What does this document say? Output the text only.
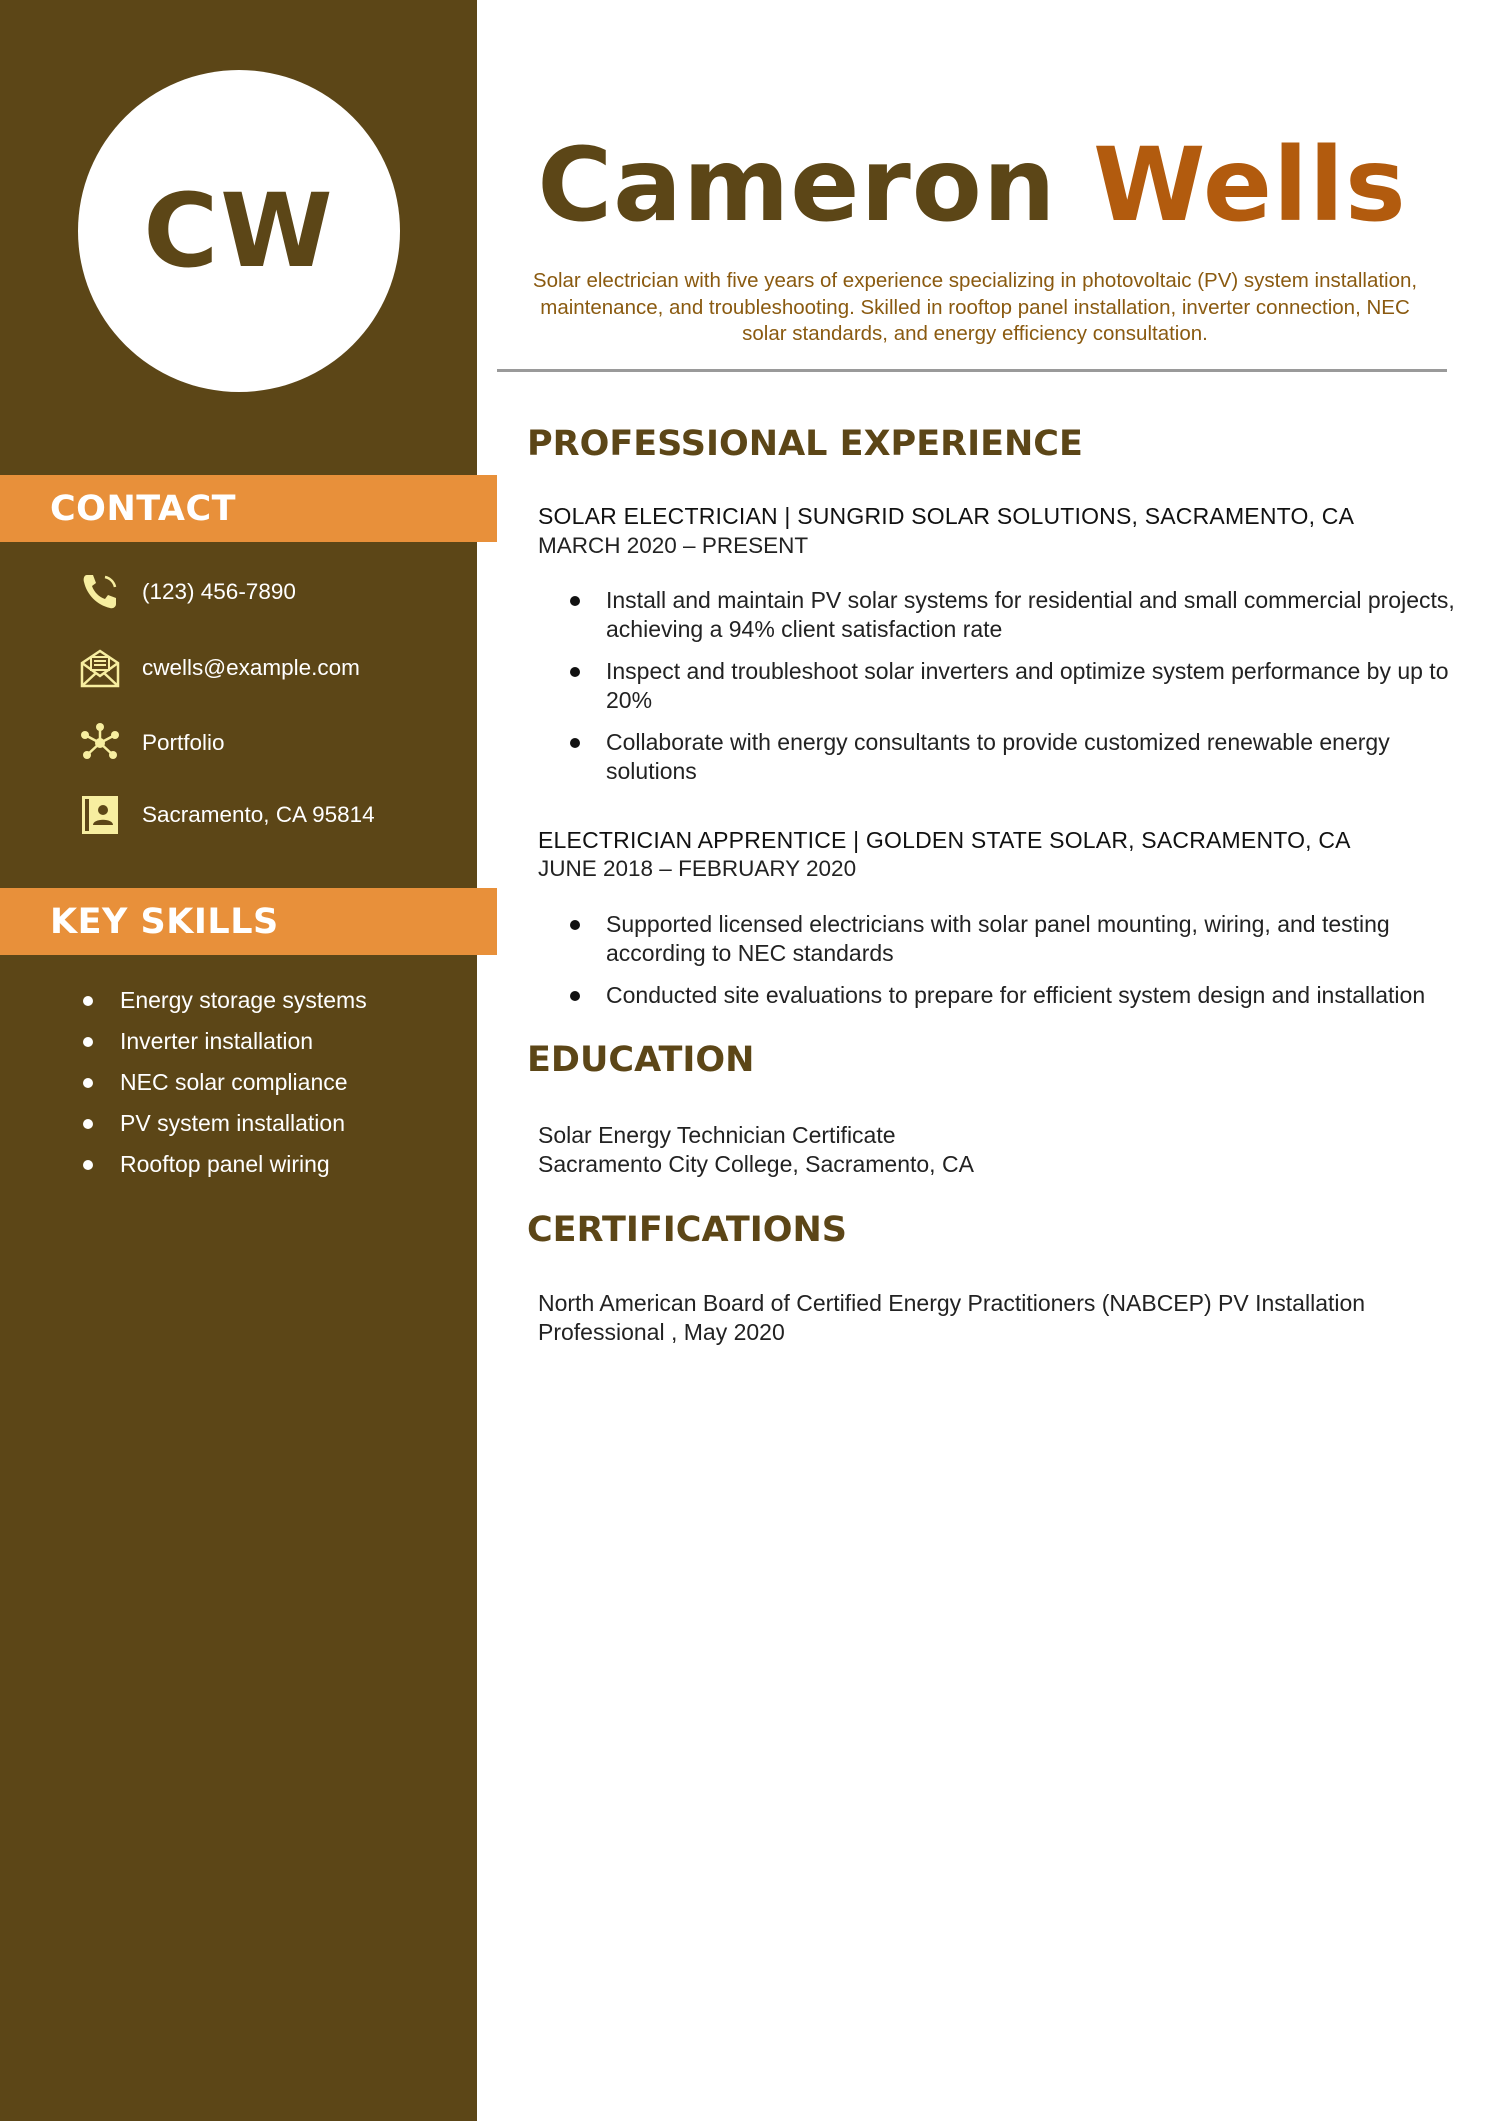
CW
CONTACT
(123) 456-7890
cwells@example.com
Portfolio
Sacramento, CA 95814
KEY SKILLS
Energy storage systems
Inverter installation
NEC solar compliance
PV system installation
Rooftop panel wiring
Cameron Wells
Solar electrician with five years of experience specializing in photovoltaic (PV) system installation, maintenance, and troubleshooting. Skilled in rooftop panel installation, inverter connection, NEC solar standards, and energy efficiency consultation.
PROFESSIONAL EXPERIENCE
SOLAR ELECTRICIAN | SUNGRID SOLAR SOLUTIONS, SACRAMENTO, CA
MARCH 2020 – PRESENT
Install and maintain PV solar systems for residential and small commercial projects, achieving a 94% client satisfaction rate
Inspect and troubleshoot solar inverters and optimize system performance by up to 20%
Collaborate with energy consultants to provide customized renewable energy solutions
ELECTRICIAN APPRENTICE | GOLDEN STATE SOLAR, SACRAMENTO, CA
JUNE 2018 – FEBRUARY 2020
Supported licensed electricians with solar panel mounting, wiring, and testing according to NEC standards
Conducted site evaluations to prepare for efficient system design and installation
EDUCATION
Solar Energy Technician Certificate
Sacramento City College, Sacramento, CA
CERTIFICATIONS
North American Board of Certified Energy Practitioners (NABCEP) PV Installation Professional , May 2020
